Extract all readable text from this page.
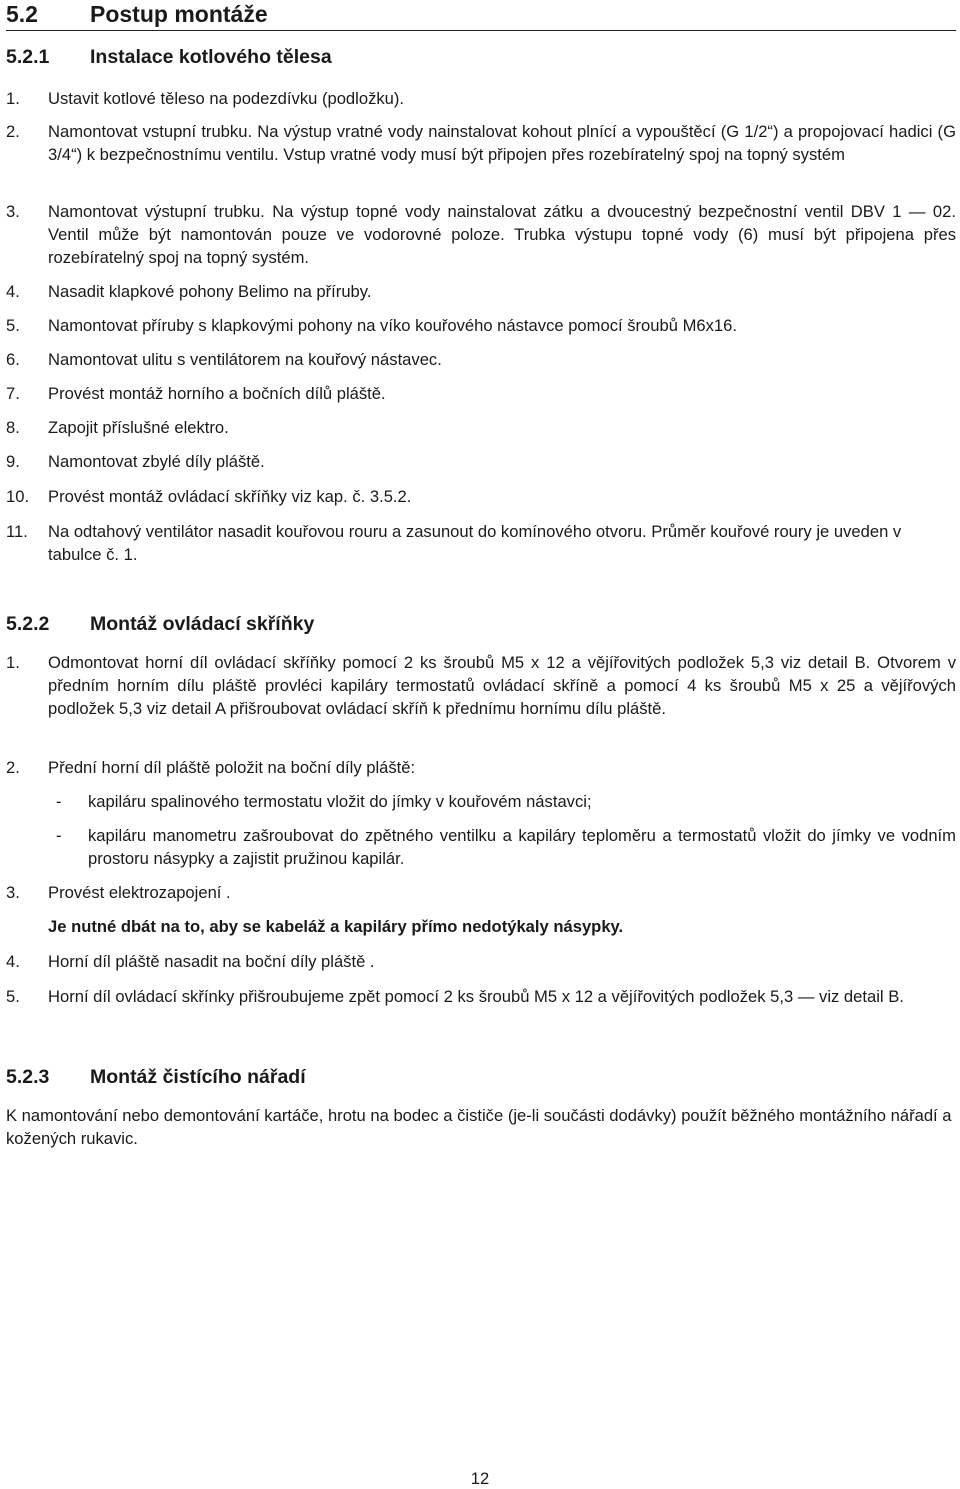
5.2 Postup montáže
5.2.1 Instalace kotlového tělesa
1. Ustavit kotlové těleso na podezdívku (podložku).
2. Namontovat vstupní trubku. Na výstup vratné vody nainstalovat kohout plnící a vypouštěcí (G 1/2“) a propojovací hadici (G 3/4“) k bezpečnostnímu ventilu. Vstup vratné vody musí být připojen přes rozebíratelný spoj na topný systém
3. Namontovat výstupní trubku. Na výstup topné vody nainstalovat zátku a dvoucestný bezpečnostní ventil DBV 1 — 02. Ventil může být namontován pouze ve vodorovné poloze. Trubka výstupu topné vody (6) musí být připojena přes rozebíratelný spoj na topný systém.
4. Nasadit klapkové pohony Belimo na příruby.
5. Namontovat příruby s klapkovými pohony na víko kouřového nástavce pomocí šroubů M6x16.
6. Namontovat ulitu s ventilátorem na kouřový nástavec.
7. Provést montáž horního a bočních dílů pláště.
8. Zapojit příslušné elektro.
9. Namontovat zbylé díly pláště.
10. Provést montáž ovládací skříňky viz kap. č. 3.5.2.
11. Na odtahový ventilátor nasadit kouřovou rouru a zasunout do komínového otvoru. Průměr kouřové roury je uveden v tabulce č. 1.
5.2.2 Montáž ovládací skříňky
1. Odmontovat horní díl ovládací skříňky pomocí 2 ks šroubů M5 x 12 a vějířovitých podložek 5,3 viz detail B. Otvorem v předním horním dílu pláště provléci kapiláry termostatů ovládací skříně a pomocí 4 ks šroubů M5 x 25 a vějířových podložek 5,3 viz detail A přišroubovat ovládací skříň k přednímu hornímu dílu pláště.
2. Přední horní díl pláště položit na boční díly pláště:
- kapiláru spalinového termostatu vložit do jímky v kouřovém nástavci;
- kapiláru manometru zašroubovat do zpětného ventilku a kapiláry teploměru a termostatů vložit do jímky ve vodním prostoru násypky a zajistit pružinou kapilár.
3. Provést elektrozapojení .
Je nutné dbát na to, aby se kabeláž a kapiláry přímo nedotýkaly násypky.
4. Horní díl pláště nasadit na boční díly pláště .
5. Horní díl ovládací skřínky přišroubujeme zpět pomocí 2 ks šroubů M5 x 12 a vějířovitých podložek 5,3 — viz detail B.
5.2.3 Montáž čistícího nářadí
K namontování nebo demontování kartáče, hrotu na bodec a čističe (je-li součásti dodávky) použít běžného montážního nářadí a kožených rukavic.
12
